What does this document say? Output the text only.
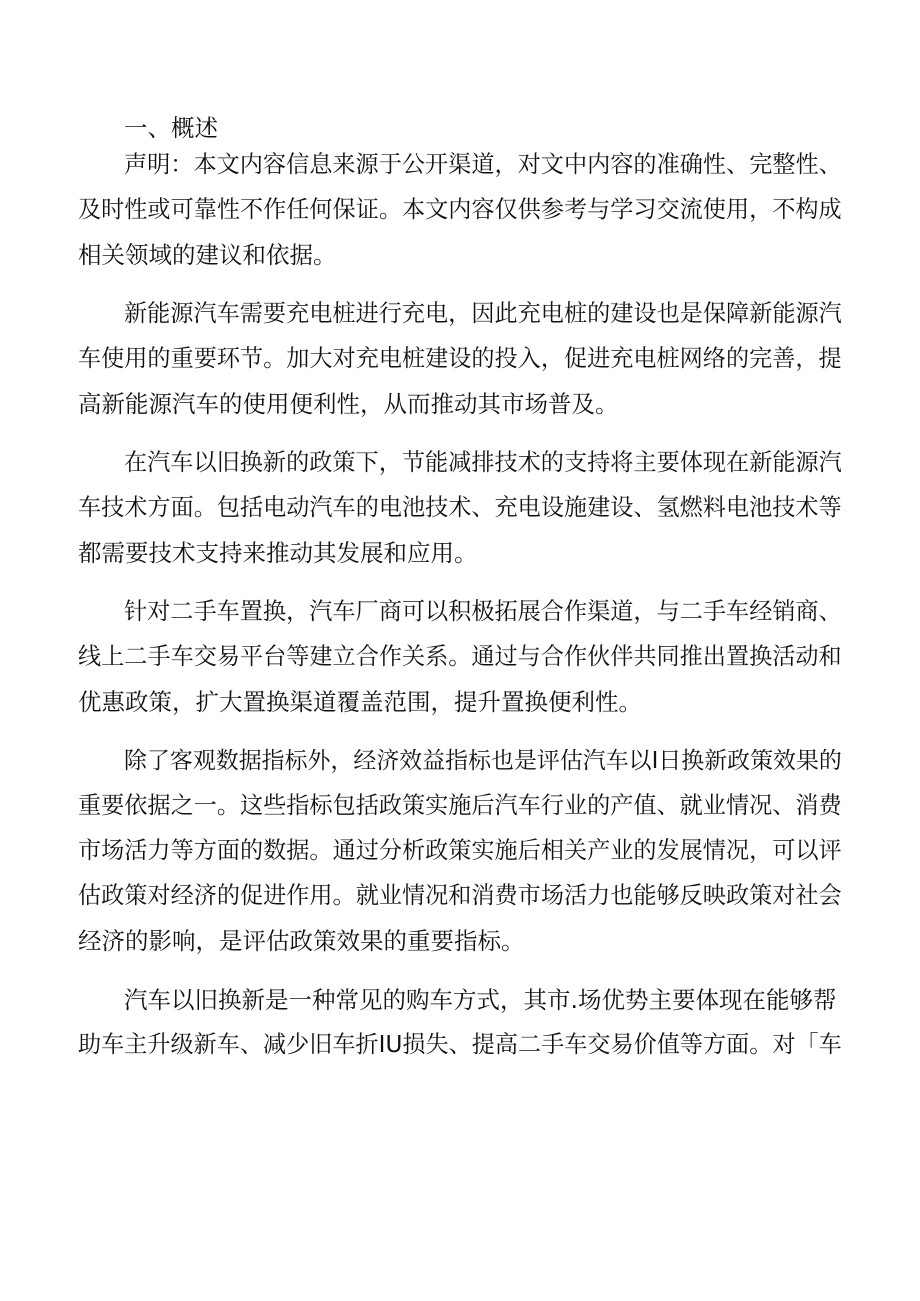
一、概述
声明：本文内容信息来源于公开渠道，对文中内容的准确性、完整性、
及时性或可靠性不作任何保证。本文内容仅供参考与学习交流使用，不构成
相关领域的建议和依据。
新能源汽车需要充电桩进行充电，因此充电桩的建设也是保障新能源汽
车使用的重要环节。加大对充电桩建设的投入，促进充电桩网络的完善，提
高新能源汽车的使用便利性，从而推动其市场普及。
在汽车以旧换新的政策下，节能减排技术的支持将主要体现在新能源汽
车技术方面。包括电动汽车的电池技术、充电设施建设、氢燃料电池技术等
都需要技术支持来推动其发展和应用。
针对二手车置换，汽车厂商可以积极拓展合作渠道，与二手车经销商、
线上二手车交易平台等建立合作关系。通过与合作伙伴共同推出置换活动和
优惠政策，扩大置换渠道覆盖范围，提升置换便利性。
除了客观数据指标外，经济效益指标也是评估汽车以I日换新政策效果的
重要依据之一。这些指标包括政策实施后汽车行业的产值、就业情况、消费
市场活力等方面的数据。通过分析政策实施后相关产业的发展情况，可以评
估政策对经济的促进作用。就业情况和消费市场活力也能够反映政策对社会
经济的影响，是评估政策效果的重要指标。
汽车以旧换新是一种常见的购车方式，其市.场优势主要体现在能够帮
助车主升级新车、减少旧车折IU损失、提高二手车交易价值等方面。对「车
